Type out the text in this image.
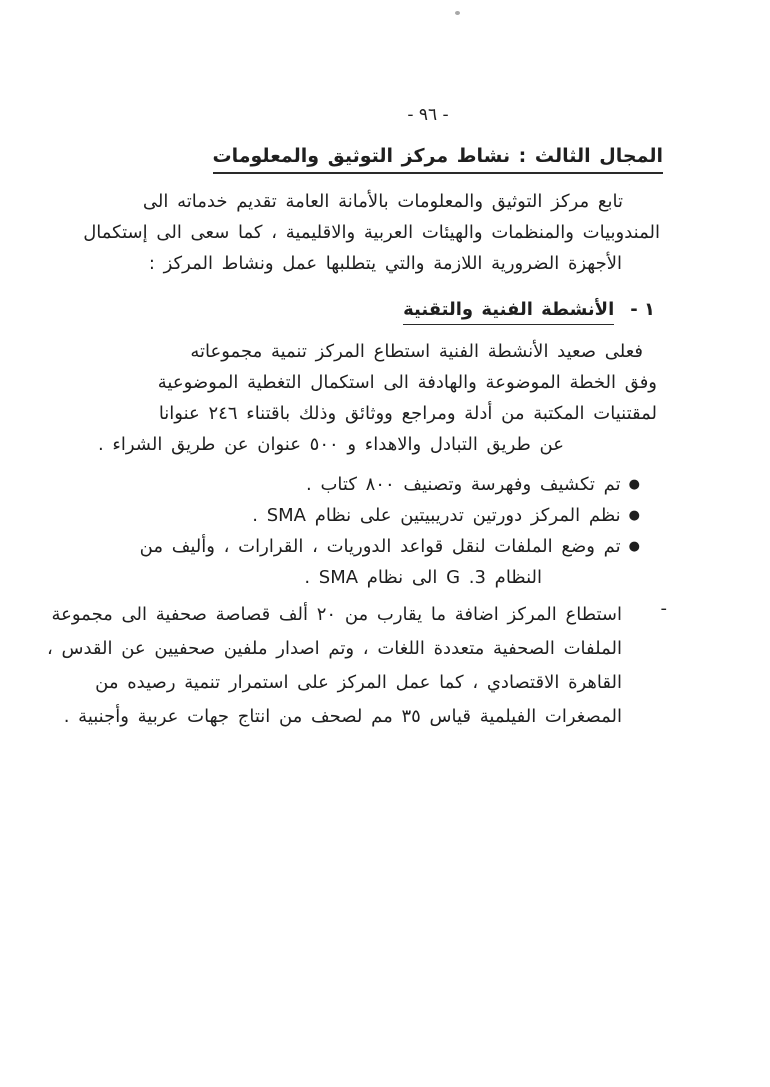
- ٩٦ -
المجال الثالث : نشاط مركز التوثيق والمعلومات
تابع مركز التوثيق والمعلومات بالأمانة العامة تقديم خدماته الى
المندوبيات والمنظمات والهيئات العربية والاقليمية ، كما سعى الى إستكمال
الأجهزة الضرورية اللازمة والتي يتطلبها عمل ونشاط المركز :
١ -الأنشطة الفنية والتقنية
فعلى صعيد الأنشطة الفنية استطاع المركز تنمية مجموعاته
وفق الخطة الموضوعة والهادفة الى استكمال التغطية الموضوعية
لمقتنيات المكتبة من أدلة ومراجع ووثائق وذلك باقتناء ٢٤٦ عنوانا
عن طريق التبادل والاهداء و ٥٠٠ عنوان عن طريق الشراء .
●تم تكشيف وفهرسة وتصنيف ٨٠٠ كتاب .
●نظم المركز دورتين تدريبيتين على نظام SMA .
●تم وضع الملفات لنقل قواعد الدوريات ، القرارات ، وأليف من
النظام G .3 الى نظام SMA .
-
استطاع المركز اضافة ما يقارب من ٢٠ ألف قصاصة صحفية الى مجموعة
الملفات الصحفية متعددة اللغات ، وتم اصدار ملفين صحفيين عن القدس ،
القاهرة الاقتصادي ، كما عمل المركز على استمرار تنمية رصيده من
المصغرات الفيلمية قياس ٣٥ مم لصحف من انتاج جهات عربية وأجنبية .
